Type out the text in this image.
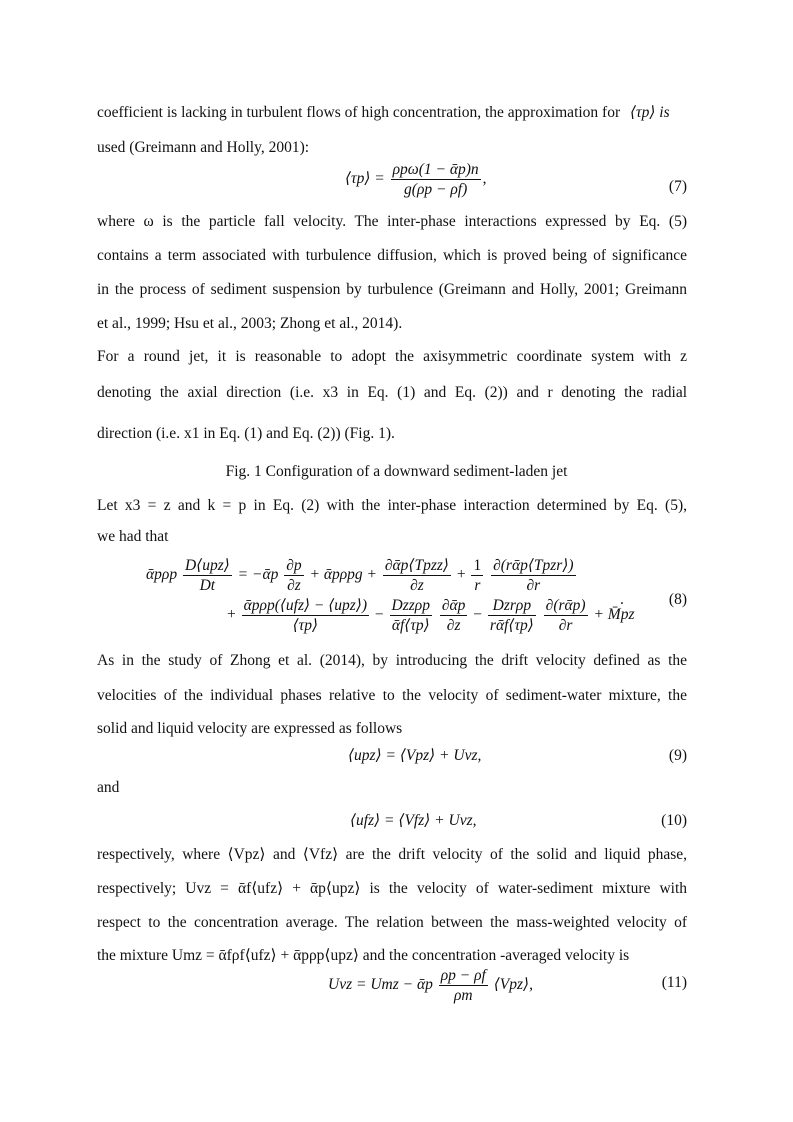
coefficient is lacking in turbulent flows of high concentration, the approximation for ⟨τp⟩ is
used (Greimann and Holly, 2001):
⟨τp⟩ = $\frac{\text{ρpω(1 − ᾱp)n}}{g(\rho p - \rho f)}$ ,	(7)
where ω is the particle fall velocity. The inter-phase interactions expressed by Eq. (5)
contains a term associated with turbulence diffusion, which is proved being of significance
in the process of sediment suspension by turbulence (Greimann and Holly, 2001; Greimann
et al., 1999; Hsu et al., 2003; Zhong et al., 2014).
For a round jet, it is reasonable to adopt the axisymmetric coordinate system with z
denoting the axial direction (i.e. x3 in Eq. (1) and Eq. (2)) and r denoting the radial
direction (i.e. x1 in Eq. (1) and Eq. (2)) (Fig. 1).
Fig. 1 Configuration of a downward sediment-laden jet
Let x3 = z and k = p in Eq. (2) with the inter-phase interaction determined by Eq. (5),
we had that
ᾱpρp $\frac{\text{D⟨upz⟩}}{Dt}$ = −ᾱp $\frac{\partial p}{\partial z}$ + ᾱpρpg + $\frac{\text{∂ᾱp⟨Tpzz⟩}}{\partial z} + \frac{1}{r}$
$\frac{\text{∂(rᾱp⟨Tpzr⟩)}}{\partial r}$
+ $\frac{\text{ᾱpρp(⟨ufz⟩ − ⟨upz⟩)}}{⟨\tau p⟩} - \frac{\text{Dzzρp}}{\text{ᾱf⟨τp⟩}}$
$\frac{\text{∂ᾱp}}{\partial z} - \frac{\text{Dzrρp}}{\text{rᾱf⟨τp⟩}}$
$\frac{\text{∂(rᾱp)}}{\partial r}$ + M̄pz
.	(8)
As in the study of Zhong et al. (2014), by introducing the drift velocity defined as the
velocities of the individual phases relative to the velocity of sediment-water mixture, the
solid and liquid velocity are expressed as follows
⟨upz⟩ = ⟨Vpz⟩ + Uvz,	(9)
and
⟨ufz⟩ = ⟨Vfz⟩ + Uvz,	(10)
respectively, where ⟨Vpz⟩ and ⟨Vfz⟩ are the drift velocity of the solid and liquid phase,
respectively; Uvz = ᾱf⟨ufz⟩ + ᾱp⟨upz⟩ is the velocity of water-sediment mixture with
respect to the concentration average. The relation between the mass-weighted velocity of
the mixture Umz = ᾱfρf⟨ufz⟩ + ᾱpρp⟨upz⟩ and the concentration -averaged velocity is
Uvz = Umz − ᾱp $\frac{\rho p - \rho f}{\rho m}$ ⟨Vpz⟩,	(11)
